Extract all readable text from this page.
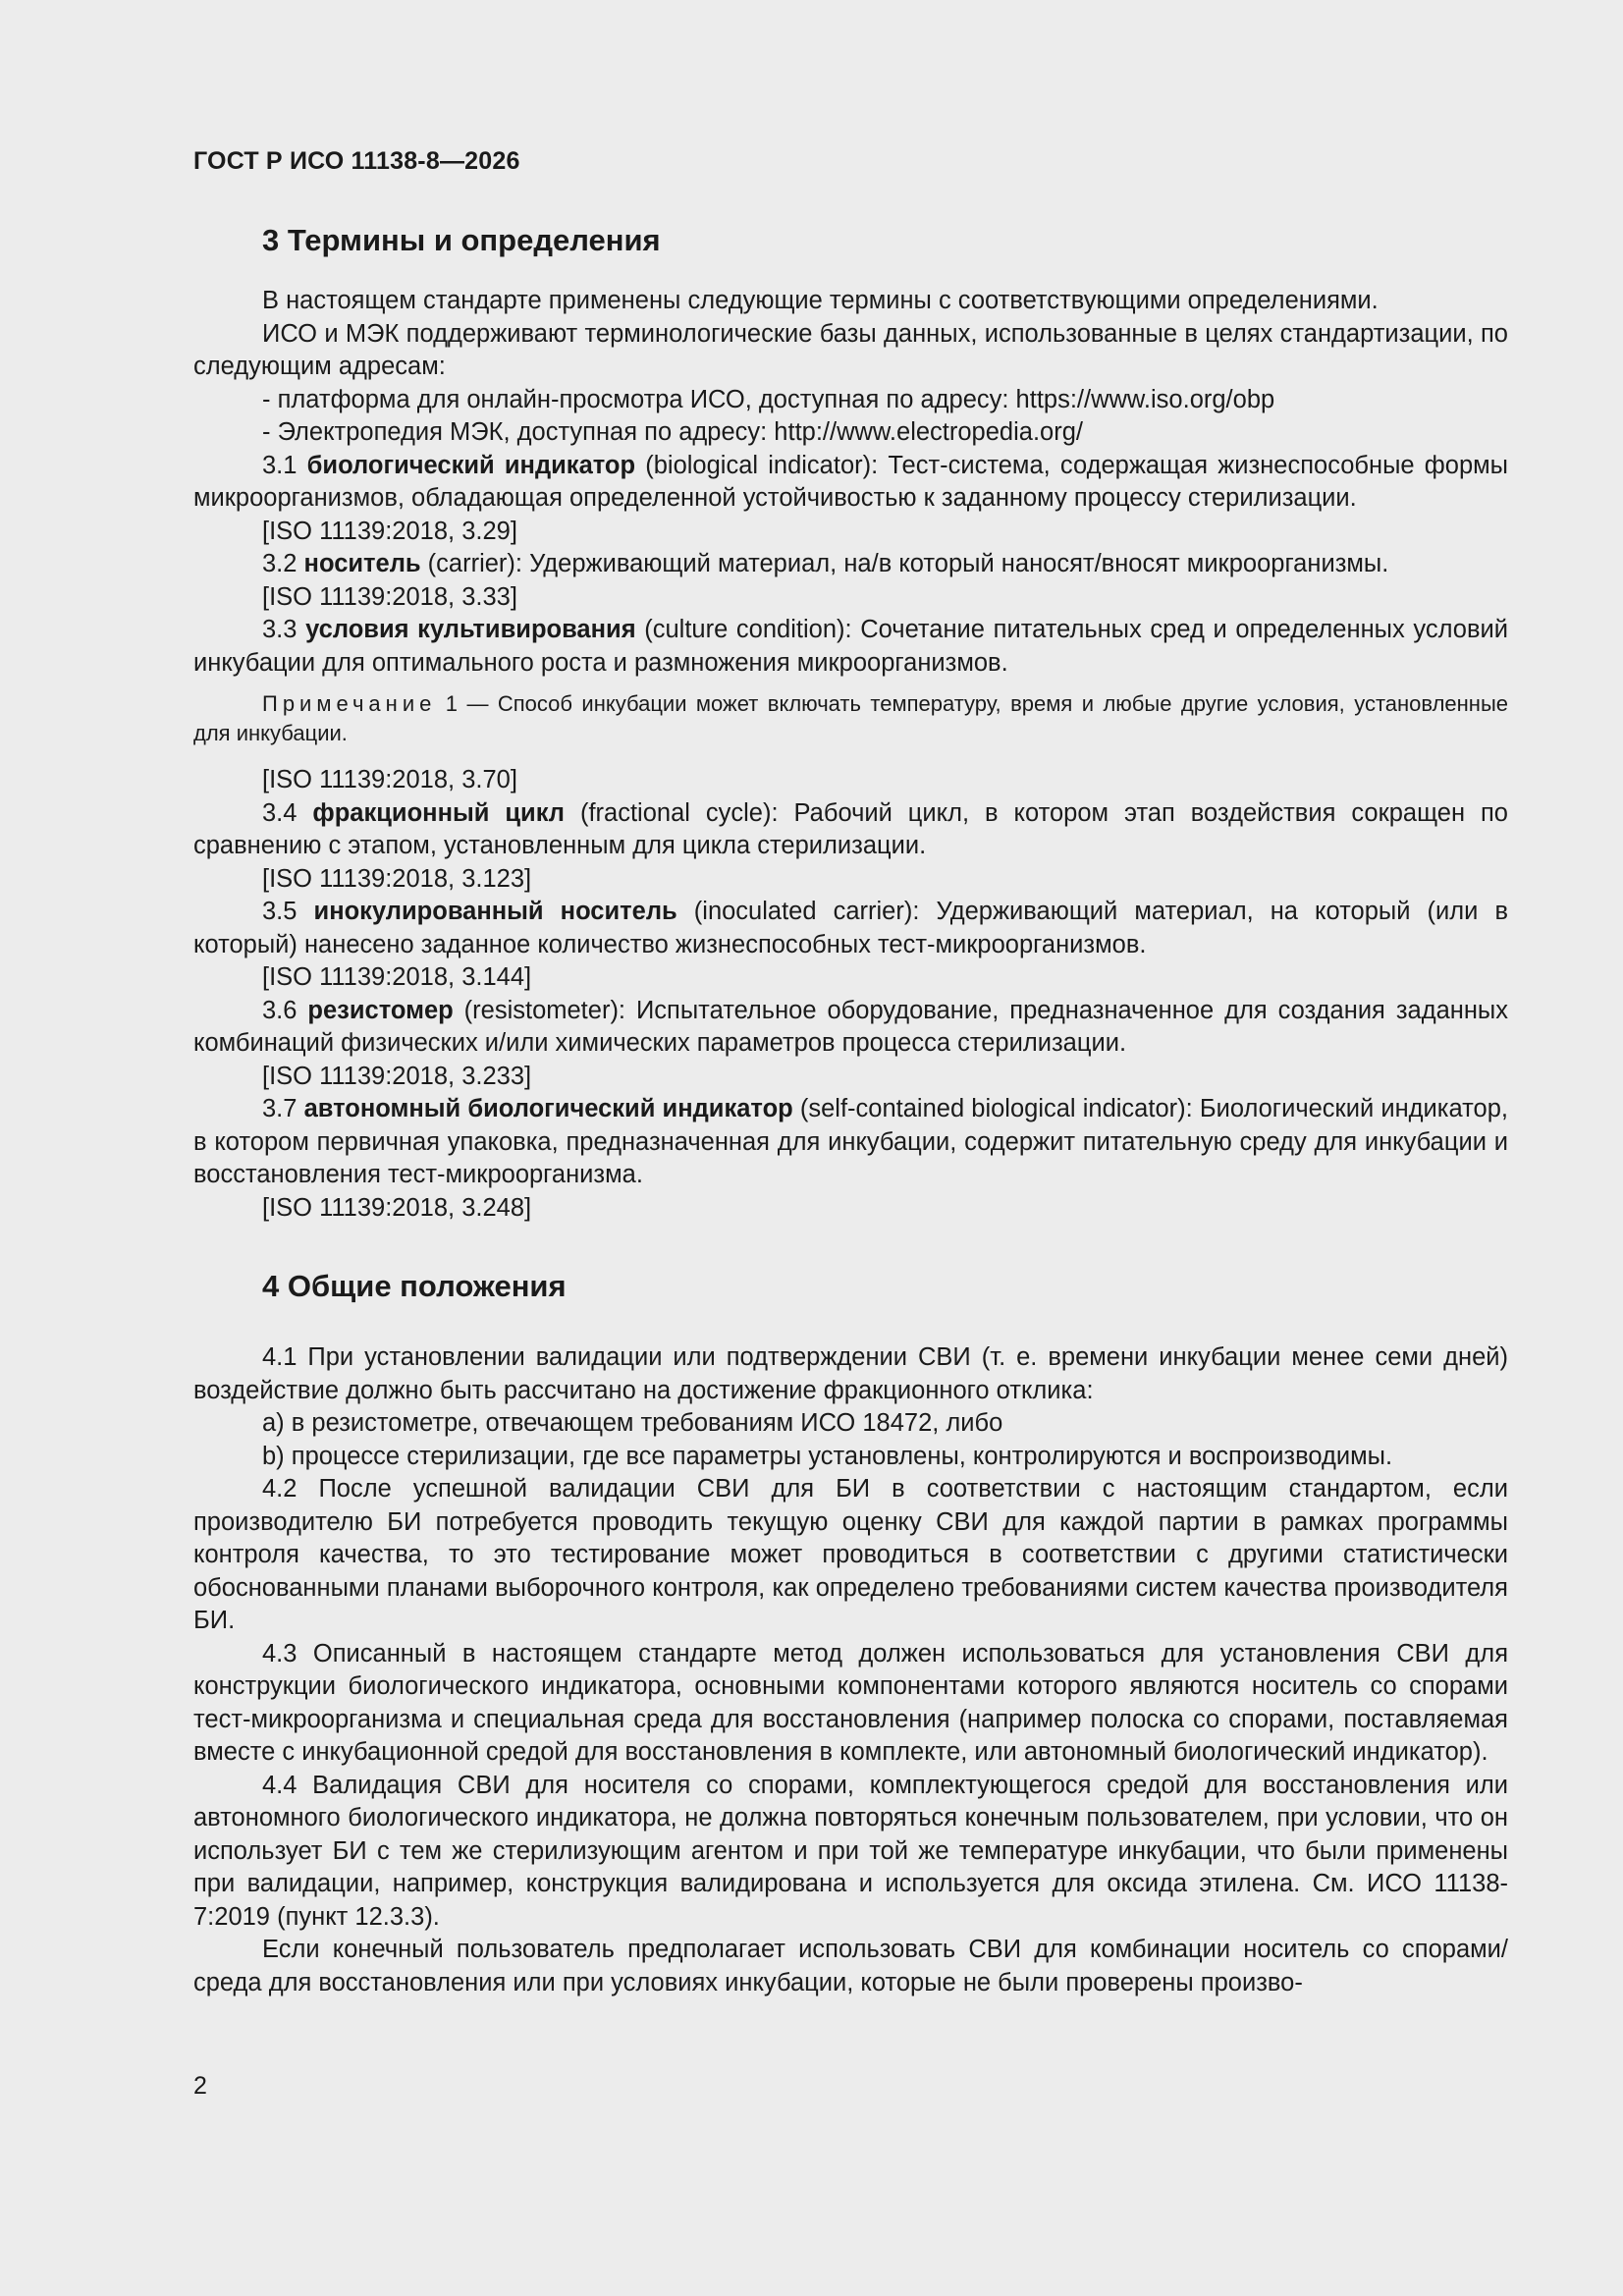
ГОСТ Р ИСО 11138-8—2026
3 Термины и определения

В настоящем стандарте применены следующие термины с соответствующими определениями.

ИСО и МЭК поддерживают терминологические базы данных, использованные в целях стандартизации, по следующим адресам:

- платформа для онлайн-просмотра ИСО, доступная по адресу: https://www.iso.org/obp

- Электропедия МЭК, доступная по адресу: http://www.electropedia.org/

3.1 биологический индикатор (biological indicator): Тест-система, содержащая жизнеспособные формы микроорганизмов, обладающая определенной устойчивостью к заданному процессу стерилизации.

[ISO 11139:2018, 3.29]

3.2 носитель (carrier): Удерживающий материал, на/в который наносят/вносят микроорганизмы.

[ISO 11139:2018, 3.33]

3.3 условия культивирования (culture condition): Сочетание питательных сред и определенных условий инкубации для оптимального роста и размножения микроорганизмов.

Примечание 1 — Способ инкубации может включать температуру, время и любые другие условия, установленные для инкубации.

[ISO 11139:2018, 3.70]

3.4 фракционный цикл (fractional cycle): Рабочий цикл, в котором этап воздействия сокращен по сравнению с этапом, установленным для цикла стерилизации.

[ISO 11139:2018, 3.123]

3.5 инокулированный носитель (inoculated carrier): Удерживающий материал, на который (или в который) нанесено заданное количество жизнеспособных тест-микроорганизмов.

[ISO 11139:2018, 3.144]

3.6 резистомер (resistometer): Испытательное оборудование, предназначенное для создания заданных комбинаций физических и/или химических параметров процесса стерилизации.

[ISO 11139:2018, 3.233]

3.7 автономный биологический индикатор (self-contained biological indicator): Биологический индикатор, в котором первичная упаковка, предназначенная для инкубации, содержит питательную среду для инкубации и восстановления тест-микроорганизма.

[ISO 11139:2018, 3.248]

4 Общие положения

4.1 При установлении валидации или подтверждении СВИ (т. е. времени инкубации менее семи дней) воздействие должно быть рассчитано на достижение фракционного отклика:

a) в резистометре, отвечающем требованиям ИСО 18472, либо

b) процессе стерилизации, где все параметры установлены, контролируются и воспроизводимы.

4.2 После успешной валидации СВИ для БИ в соответствии с настоящим стандартом, если производителю БИ потребуется проводить текущую оценку СВИ для каждой партии в рамках программы контроля качества, то это тестирование может проводиться в соответствии с другими статистически обоснованными планами выборочного контроля, как определено требованиями систем качества производителя БИ.

4.3 Описанный в настоящем стандарте метод должен использоваться для установления СВИ для конструкции биологического индикатора, основными компонентами которого являются носитель со спорами тест-микроорганизма и специальная среда для восстановления (например полоска со спорами, поставляемая вместе с инкубационной средой для восстановления в комплекте, или автономный биологический индикатор).

4.4 Валидация СВИ для носителя со спорами, комплектующегося средой для восстановления или автономного биологического индикатора, не должна повторяться конечным пользователем, при условии, что он использует БИ с тем же стерилизующим агентом и при той же температуре инкубации, что были применены при валидации, например, конструкция валидирована и используется для оксида этилена. См. ИСО 11138-7:2019 (пункт 12.3.3).

Если конечный пользователь предполагает использовать СВИ для комбинации носитель со спорами/среда для восстановления или при условиях инкубации, которые не были проверены произво-

2
